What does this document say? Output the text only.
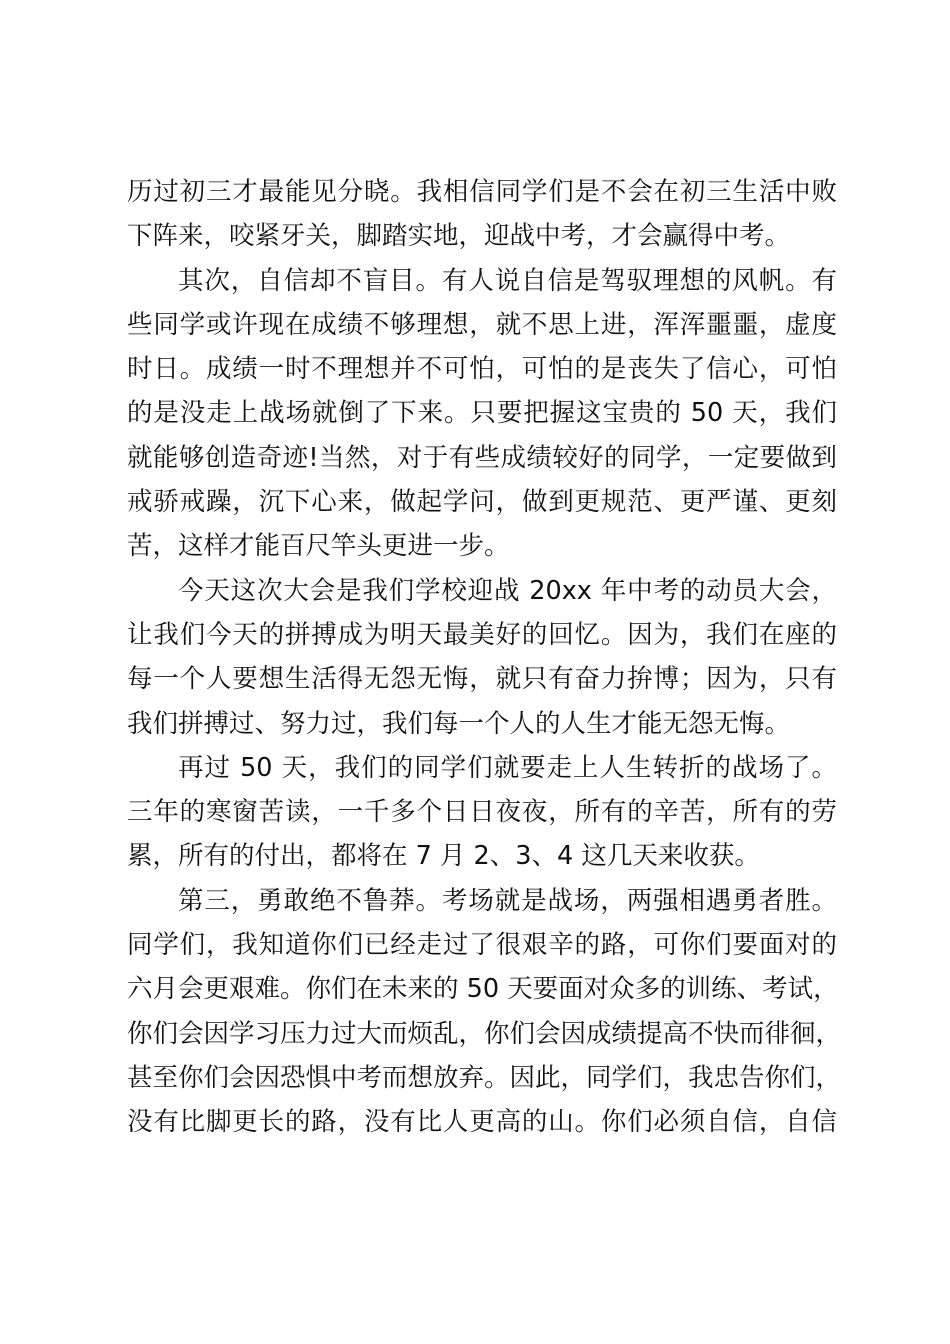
历过初三才最能见分晓。我相信同学们是不会在初三生活中败
下阵来，咬紧牙关，脚踏实地，迎战中考，才会赢得中考。
其次，自信却不盲目。有人说自信是驾驭理想的风帆。有
些同学或许现在成绩不够理想，就不思上进，浑浑噩噩，虚度
时日。成绩一时不理想并不可怕，可怕的是丧失了信心，可怕
的是没走上战场就倒了下来。只要把握这宝贵的 50 天，我们
就能够创造奇迹!当然，对于有些成绩较好的同学，一定要做到
戒骄戒躁，沉下心来，做起学问，做到更规范、更严谨、更刻
苦，这样才能百尺竿头更进一步。
今天这次大会是我们学校迎战 20xx 年中考的动员大会，
让我们今天的拼搏成为明天最美好的回忆。因为，我们在座的
每一个人要想生活得无怨无悔，就只有奋力拚博；因为，只有
我们拼搏过、努力过，我们每一个人的人生才能无怨无悔。
再过 50 天，我们的同学们就要走上人生转折的战场了。
三年的寒窗苦读，一千多个日日夜夜，所有的辛苦，所有的劳
累，所有的付出，都将在 7 月 2、3、4 这几天来收获。
第三，勇敢绝不鲁莽。考场就是战场，两强相遇勇者胜。
同学们，我知道你们已经走过了很艰辛的路，可你们要面对的
六月会更艰难。你们在未来的 50 天要面对众多的训练、考试，
你们会因学习压力过大而烦乱，你们会因成绩提高不快而徘徊，
甚至你们会因恐惧中考而想放弃。因此，同学们，我忠告你们，
没有比脚更长的路，没有比人更高的山。你们必须自信，自信
